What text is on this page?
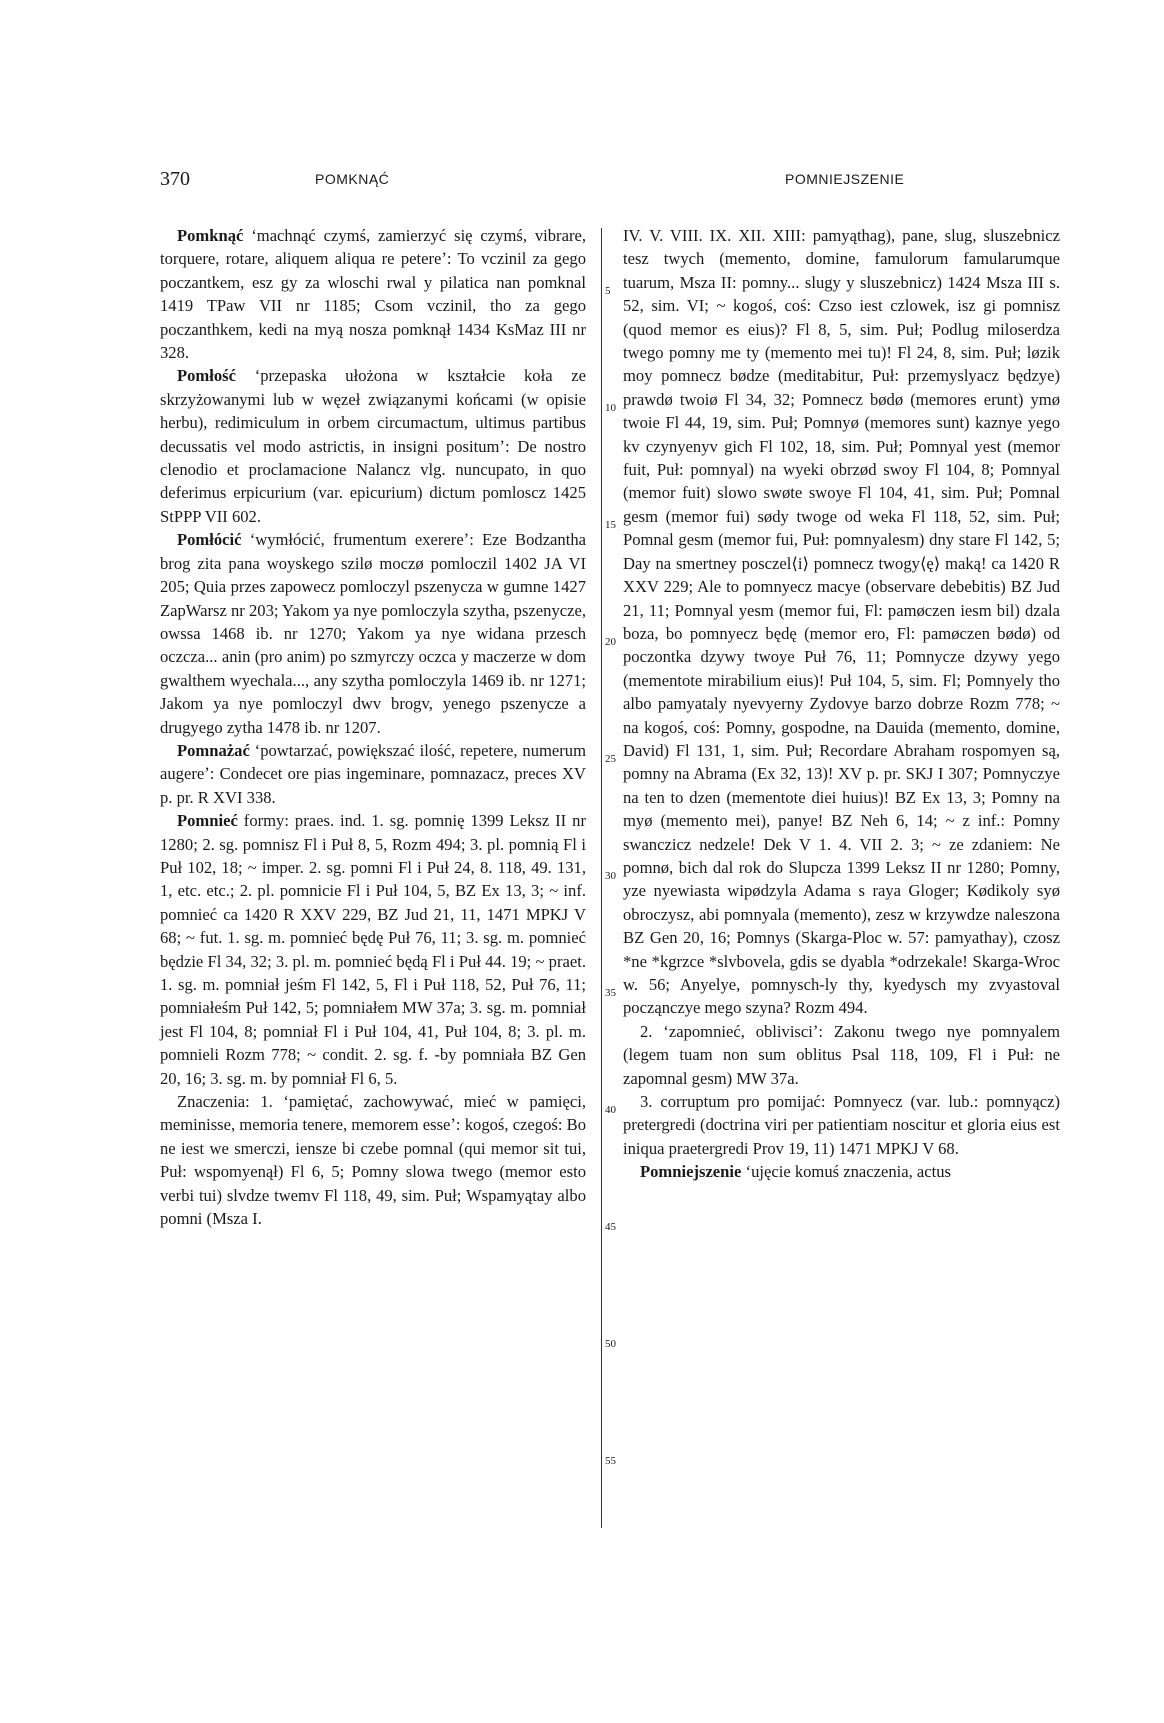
370	POMKNĄĆ	POMNIEJSZENIE

Pomknąć ʻmachnąć czymś, zamierzyć się czymś, vibrare, torquere, rotare, aliquem aliqua re petereʼ: To vczinil za gego poczantkem, esz gy za wloschi rwal y pilatica nan pomknal 1419 TPaw VII nr 1185; Csom vczinil, tho za gego poczanthkem, kedi na myą nosza pomknął 1434 KsMaz III nr 328.

Pomłość ʻprzepaska ułożona w kształcie koła ze skrzyżowanymi lub w węzeł związanymi końcami (w opisie herbu), redimiculum in orbem circumactum, ultimus partibus decussatis vel modo astrictis, in insigni positumʼ: De nostro clenodio et proclamacione Nalancz vlg. nuncupato, in quo deferimus erpicurium (var. epicurium) dictum pomloscz 1425 StPPP VII 602.

Pomłócić ʻwymłócić, frumentum exerereʼ: Eze Bodzantha brog zita pana woyskego szilø moczø pomloczil 1402 JA VI 205; Quia przes zapowecz pomloczyl pszenycza w gumne 1427 ZapWarsz nr 203; Yakom ya nye pomloczyla szytha, pszenycze, owssa 1468 ib. nr 1270; Yakom ya nye widana przesch oczcza... anin (pro anim) po szmyrczy oczca y maczerze w dom gwalthem wyechala..., any szytha pomloczyla 1469 ib. nr 1271; Jakom ya nye pomloczyl dwv brogv, yenego pszenycze a drugyego zytha 1478 ib. nr 1207.

Pomnażać ʻpowtarzać, powiększać ilość, repetere, numerum augereʼ: Condecet ore pias ingeminare, pomnazacz, preces XV p. pr. R XVI 338.

Pomnieć formy: praes. ind. 1. sg. pomnię 1399 Leksz II nr 1280; 2. sg. pomnisz Fl i Puł 8, 5, Rozm 494; 3. pl. pomnią Fl i Puł 102, 18; ~ imper. 2. sg. pomni Fl i Puł 24, 8. 118, 49. 131, 1, etc. etc.; 2. pl. pomnicie Fl i Puł 104, 5, BZ Ex 13, 3; ~ inf. pomnieć ca 1420 R XXV 229, BZ Jud 21, 11, 1471 MPKJ V 68; ~ fut. 1. sg. m. pomnieć będę Puł 76, 11; 3. sg. m. pomnieć będzie Fl 34, 32; 3. pl. m. pomnieć będą Fl i Puł 44. 19; ~ praet. 1. sg. m. pomniał jeśm Fl 142, 5, Fl i Puł 118, 52, Puł 76, 11; pomniałeśm Puł 142, 5; pomniałem MW 37a; 3. sg. m. pomniał jest Fl 104, 8; pomniał Fl i Puł 104, 41, Puł 104, 8; 3. pl. m. pomnieli Rozm 778; ~ condit. 2. sg. f. -by pomniała BZ Gen 20, 16; 3. sg. m. by pomniał Fl 6, 5.

Znaczenia: 1. ʻpamiętać, zachowywać, mieć w pamięci, meminisse, memoria tenere, memorem esseʼ: kogoś, czegoś: Bo ne iest we smerczi, iensze bi czebe pomnal (qui memor sit tui, Puł: wspomyenął) Fl 6, 5; Pomny slowa twego (memor esto verbi tui) slvdze twemv Fl 118, 49, sim. Puł; Wspamyątay albo pomni (Msza I.

5
10
15
20
25
30
35
40
45
50
55

IV. V. VIII. IX. XII. XIII: pamyąthag), pane, slug, sluszebnicz tesz twych (memento, domine, famulorum famularumque tuarum, Msza II: pomny... slugy y sluszebnicz) 1424 Msza III s. 52, sim. VI; ~ kogoś, coś: Czso iest czlowek, isz gi pomnisz (quod memor es eius)? Fl 8, 5, sim. Puł; Podlug miloserdza twego pomny me ty (memento mei tu)! Fl 24, 8, sim. Puł; løzik moy pomnecz bødze (meditabitur, Puł: przemyslyacz będzye) prawdø twoiø Fl 34, 32; Pomnecz bødø (memores erunt) ymø twoie Fl 44, 19, sim. Puł; Pomnyø (memores sunt) kaznye yego kv czynyenyv gich Fl 102, 18, sim. Puł; Pomnyal yest (memor fuit, Puł: pomnyal) na wyeki obrzød swoy Fl 104, 8; Pomnyal (memor fuit) slowo swøte swoye Fl 104, 41, sim. Puł; Pomnal gesm (memor fui) sødy twoge od weka Fl 118, 52, sim. Puł; Pomnal gesm (memor fui, Puł: pomnyalesm) dny stare Fl 142, 5; Day na smertney posczel⟨i⟩ pomnecz twogy⟨ę⟩ maką! ca 1420 R XXV 229; Ale to pomnyecz macye (observare debebitis) BZ Jud 21, 11; Pomnyal yesm (memor fui, Fl: pamøczen iesm bil) dzala boza, bo pomnyecz będę (memor ero, Fl: pamøczen bødø) od poczontka dzywy twoye Puł 76, 11; Pomnycze dzywy yego (mementote mirabilium eius)! Puł 104, 5, sim. Fl; Pomnyely tho albo pamyataly nyevyerny Zydovye barzo dobrze Rozm 778; ~ na kogoś, coś: Pomny, gospodne, na Dauida (memento, domine, David) Fl 131, 1, sim. Puł; Recordare Abraham rospomyen są, pomny na Abrama (Ex 32, 13)! XV p. pr. SKJ I 307; Pomnyczye na ten to dzen (mementote diei huius)! BZ Ex 13, 3; Pomny na myø (memento mei), panye! BZ Neh 6, 14; ~ z inf.: Pomny swanczicz nedzele! Dek V 1. 4. VII 2. 3; ~ ze zdaniem: Ne pomnø, bich dal rok do Slupcza 1399 Leksz II nr 1280; Pomny, yze nyewiasta wipødzyla Adama s raya Gloger; Kødikoly syø obroczysz, abi pomnyala (memento), zesz w krzywdze naleszona BZ Gen 20, 16; Pomnys (Skarga-Ploc w. 57: pamyathay), czosz *ne *kgrzce *slvbovela, gdis se dyabla *odrzekale! Skarga-Wroc w. 56; Anyelye, pomnysch-ly thy, kyedysch my zvyastoval począnczye mego szyna? Rozm 494.

2. ʻzapomnieć, oblivisciʼ: Zakonu twego nye pomnyalem (legem tuam non sum oblitus Psal 118, 109, Fl i Puł: ne zapomnal gesm) MW 37a.

3. corruptum pro pomijać: Pomnyecz (var. lub.: pomnyącz) pretergredi (doctrina viri per patientiam noscitur et gloria eius est iniqua praetergredi Prov 19, 11) 1471 MPKJ V 68.

Pomniejszenie ʻujęcie komuś znaczenia, actus
